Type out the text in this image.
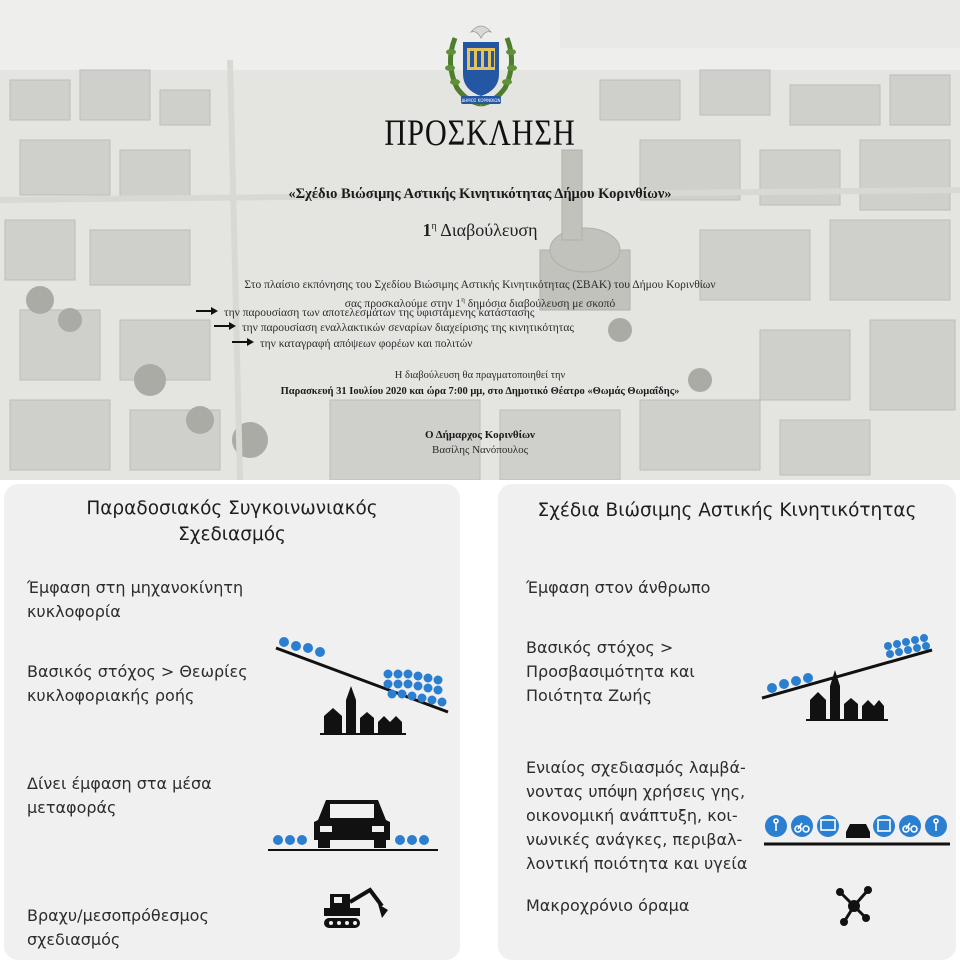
ΔΗΜΟΣ ΚΟΡΙΝΘΙΩΝ
ΠΡΟΣΚΛΗΣΗ
«Σχέδιο Βιώσιμης Αστικής Κινητικότητας Δήμου Κορινθίων»
$1^\eta$ Διαβούλευση
Στο πλαίσιο εκπόνησης του Σχεδίου Βιώσιμης Αστικής Κινητικότητας (ΣΒΑΚ) του Δήμου Κορινθίων
σας προσκαλούμε στην $1^\eta$ δημόσια διαβούλευση με σκοπό
την παρουσίαση των αποτελεσμάτων της υφιστάμενης κατάστασης
την παρουσίαση εναλλακτικών σεναρίων διαχείρισης της κινητικότητας
την καταγραφή απόψεων φορέων και πολιτών
Η διαβούλευση θα πραγματοποιηθεί την
Παρασκευή 31 Ιουλίου 2020 και ώρα 7:00 μμ, στο Δημοτικό Θέατρο «Θωμάς Θωμαΐδης»
Ο Δήμαρχος Κορινθίων
Βασίλης Νανόπουλος
Παραδοσιακός Συγκοινωνιακός
Σχεδιασμός
Έμφαση στη μηχανοκίνητη
κυκλοφορία
Βασικός στόχος > Θεωρίες
κυκλοφοριακής ροής
Δίνει έμφαση στα μέσα
μεταφοράς
Βραχυ/μεσοπρόθεσμος
σχεδιασμός
Σχέδια Βιώσιμης Αστικής Κινητικότητας
Έμφαση στον άνθρωπο
Βασικός στόχος >
Προσβασιμότητα και
Ποιότητα Ζωής
Ενιαίος σχεδιασμός λαμβά-
νοντας υπόψη χρήσεις γης,
οικονομική ανάπτυξη, κοι-
νωνικές ανάγκες, περιβαλ-
λοντική ποιότητα και υγεία
Μακροχρόνιο όραμα
